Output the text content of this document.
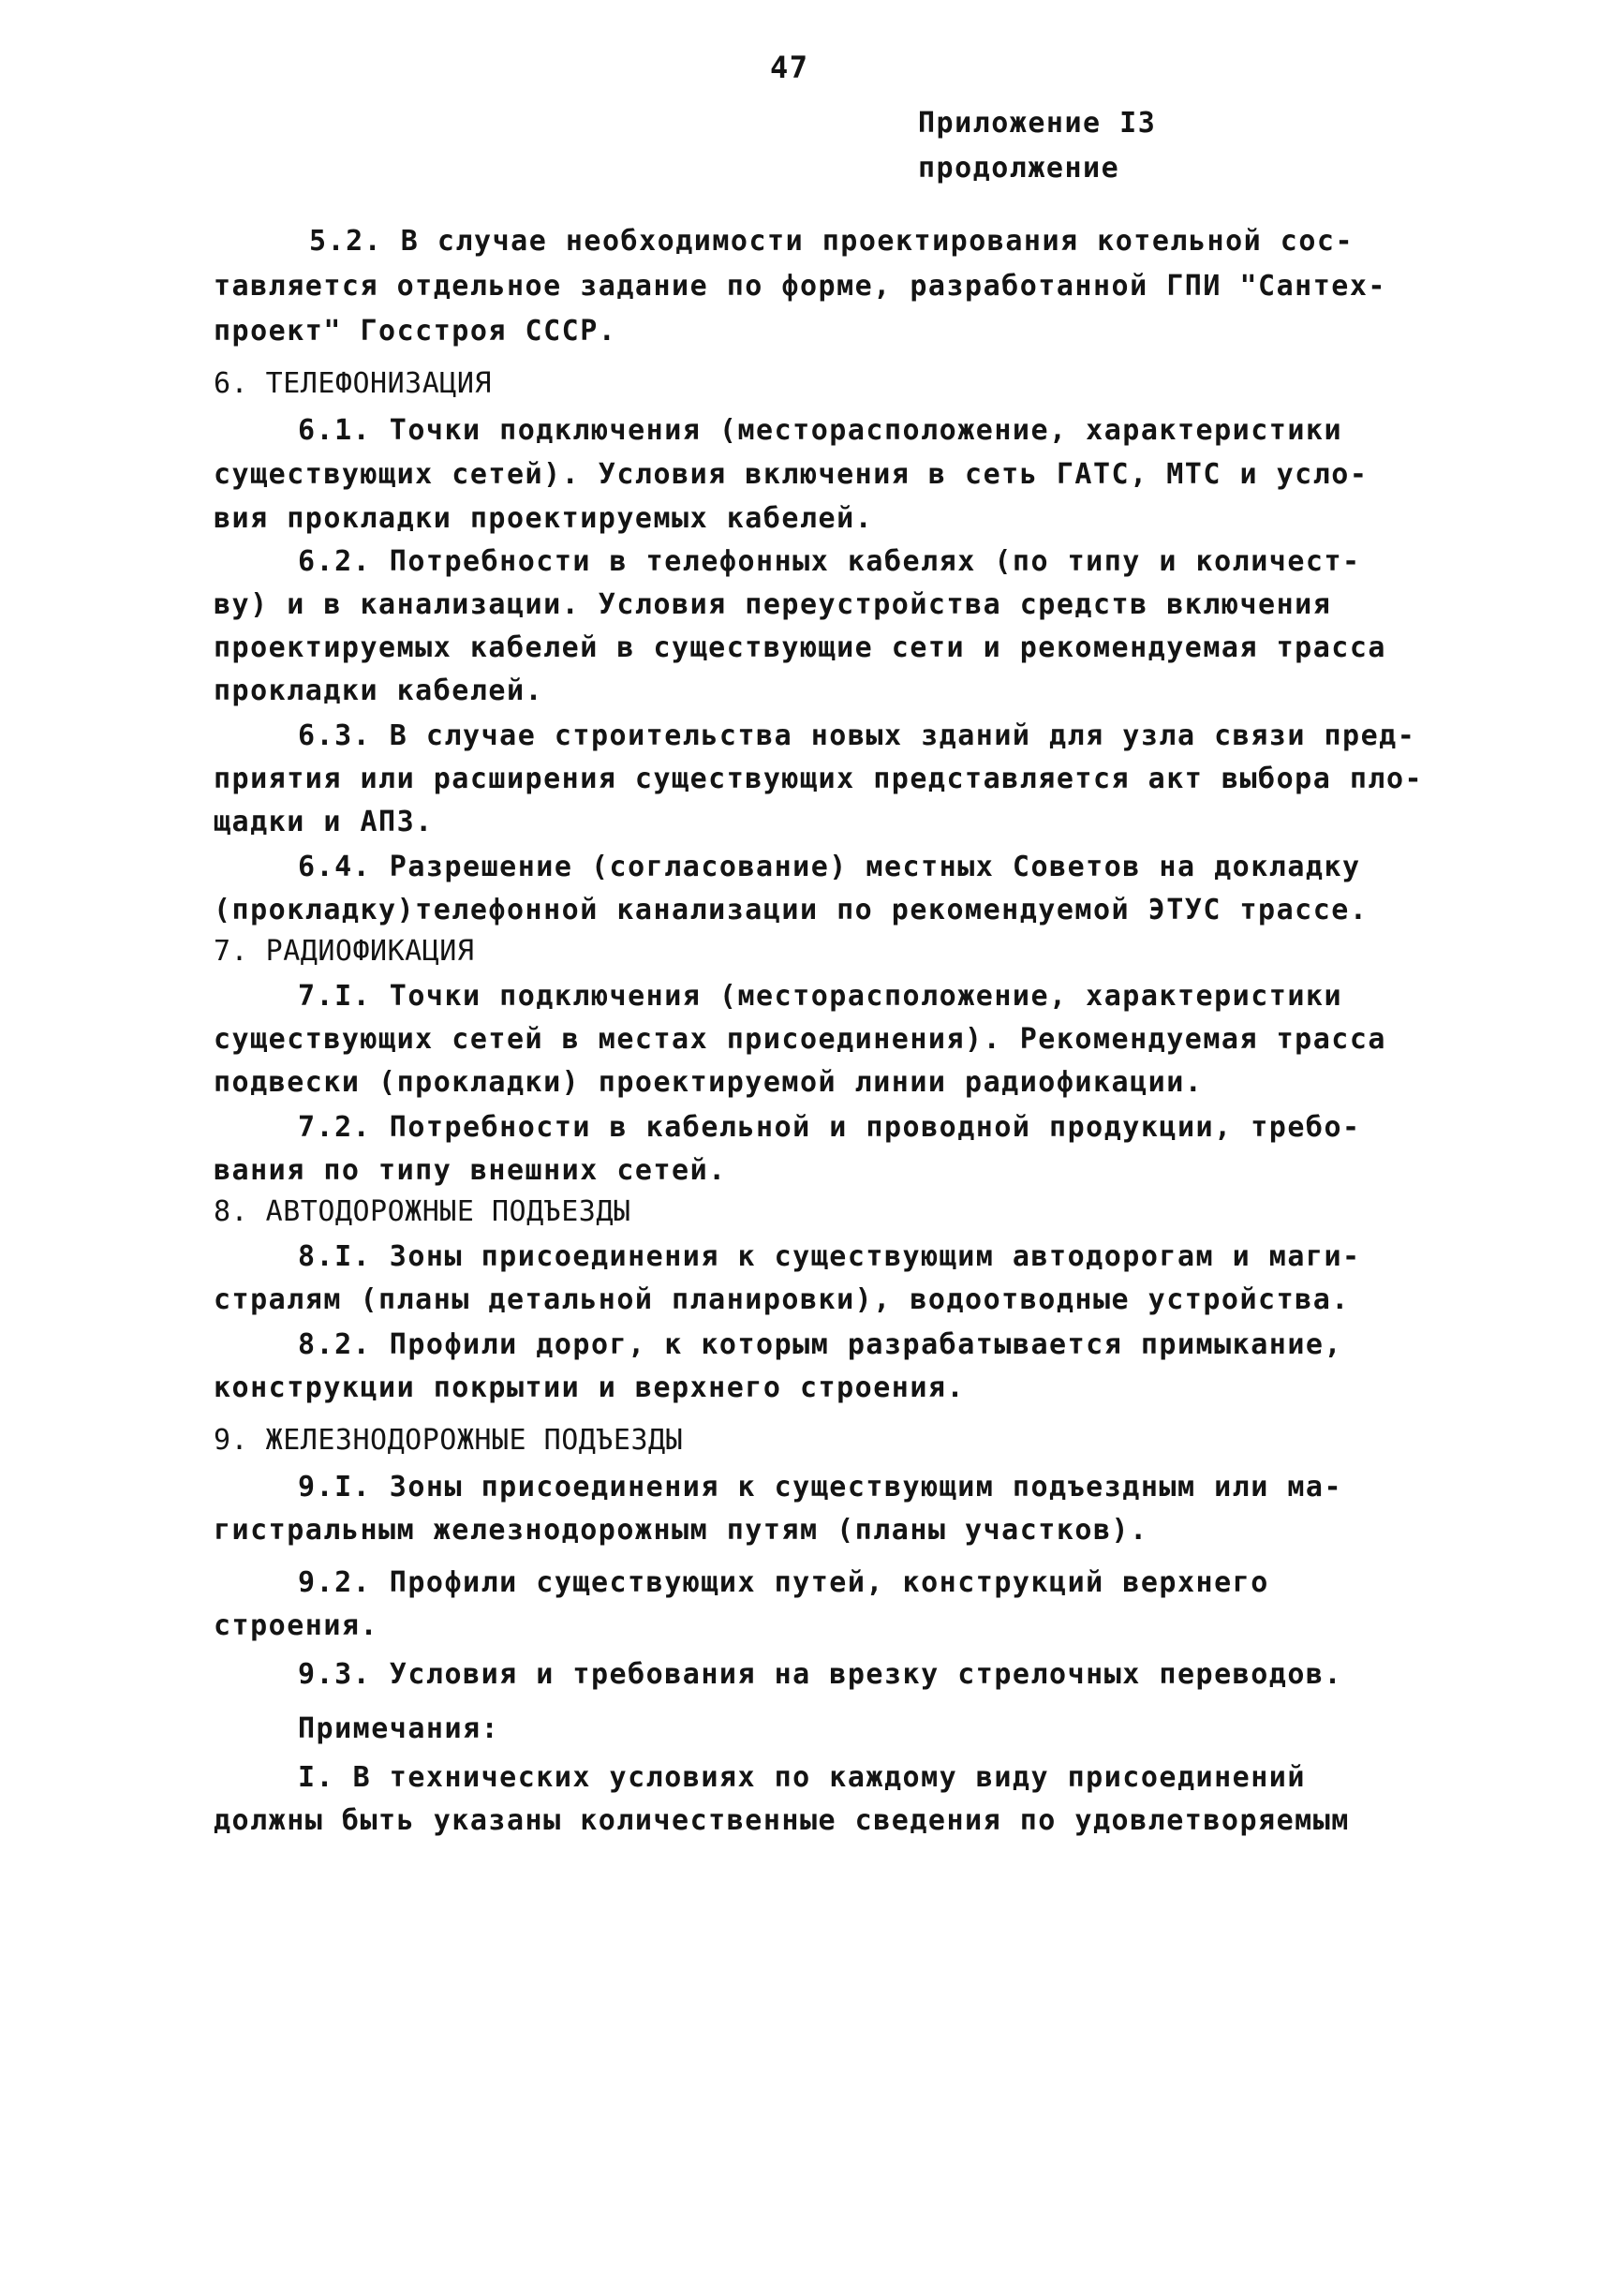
47
Приложение I3
продолжение
5.2. В случае необходимости проектирования котельной сос-
тавляется отдельное задание по форме, разработанной ГПИ "Сантех-
проект" Госстроя СССР.
6. ТЕЛЕФОНИЗАЦИЯ
6.1. Точки подключения (месторасположение, характеристики
существующих сетей). Условия включения в сеть ГАТС, МТС и усло-
вия прокладки проектируемых кабелей.
6.2. Потребности в телефонных кабелях (по типу и количест-
ву) и в канализации. Условия переустройства средств включения
проектируемых кабелей в существующие сети и рекомендуемая трасса
прокладки кабелей.
6.3. В случае строительства новых зданий для узла связи пред-
приятия или расширения существующих представляется акт выбора пло-
щадки и АПЗ.
6.4. Разрешение (согласование) местных Советов на докладку
(прокладку)телефонной канализации по рекомендуемой ЭТУС трассе.
7. РАДИОФИКАЦИЯ
7.I. Точки подключения (месторасположение, характеристики
существующих сетей в местах присоединения). Рекомендуемая трасса
подвески (прокладки) проектируемой линии радиофикации.
7.2. Потребности в кабельной и проводной продукции, требо-
вания по типу внешних сетей.
8. АВТОДОРОЖНЫЕ ПОДЪЕЗДЫ
8.I. Зоны присоединения к существующим автодорогам и маги-
стралям (планы детальной планировки), водоотводные устройства.
8.2. Профили дорог, к которым разрабатывается примыкание,
конструкции покрытии и верхнего строения.
9. ЖЕЛЕЗНОДОРОЖНЫЕ ПОДЪЕЗДЫ
9.I. Зоны присоединения к существующим подъездным или ма-
гистральным железнодорожным путям (планы участков).
9.2. Профили существующих путей, конструкций верхнего
строения.
9.3. Условия и требования на врезку стрелочных переводов.
Примечания:
I. В технических условиях по каждому виду присоединений
должны быть указаны количественные сведения по удовлетворяемым
